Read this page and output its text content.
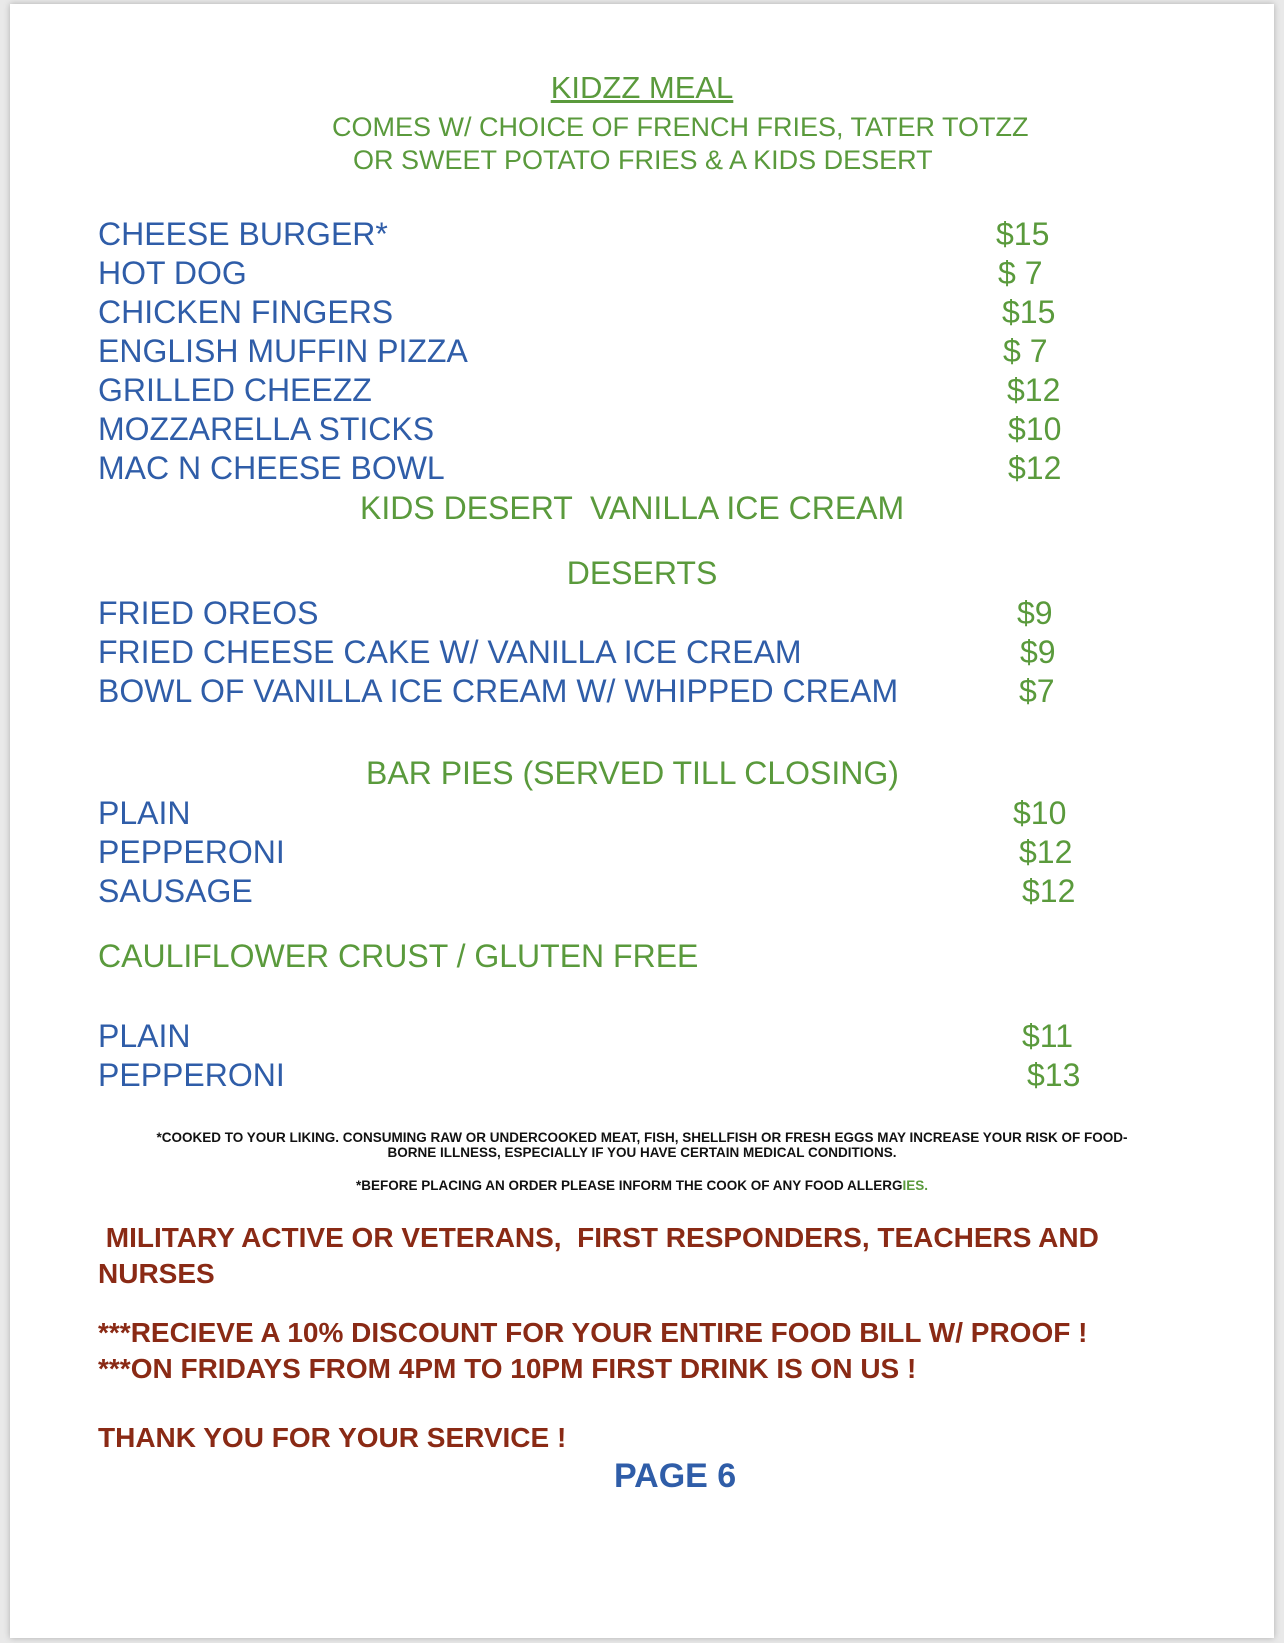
KIDZZ MEAL
COMES W/ CHOICE OF FRENCH FRIES, TATER TOTZZ
OR SWEET POTATO FRIES & A KIDS DESERT
CHEESE BURGER*	$15
HOT DOG	$ 7
CHICKEN FINGERS	$15
ENGLISH MUFFIN PIZZA	$ 7
GRILLED CHEEZZ	$12
MOZZARELLA STICKS	$10
MAC N CHEESE BOWL	$12
KIDS DESERT  VANILLA ICE CREAM
DESERTS
FRIED OREOS	$9
FRIED CHEESE CAKE W/ VANILLA ICE CREAM	$9
BOWL OF VANILLA ICE CREAM W/ WHIPPED CREAM	$7
BAR PIES (SERVED TILL CLOSING)
PLAIN	$10
PEPPERONI	$12
SAUSAGE	$12
CAULIFLOWER CRUST / GLUTEN FREE
PLAIN	$11
PEPPERONI	$13
*COOKED TO YOUR LIKING. CONSUMING RAW OR UNDERCOOKED MEAT, FISH, SHELLFISH OR FRESH EGGS MAY INCREASE YOUR RISK OF FOOD-
BORNE ILLNESS, ESPECIALLY IF YOU HAVE CERTAIN MEDICAL CONDITIONS.
*BEFORE PLACING AN ORDER PLEASE INFORM THE COOK OF ANY FOOD ALLERGIES.
MILITARY ACTIVE OR VETERANS,  FIRST RESPONDERS, TEACHERS AND
NURSES
***RECIEVE A 10% DISCOUNT FOR YOUR ENTIRE FOOD BILL W/ PROOF !
***ON FRIDAYS FROM 4PM TO 10PM FIRST DRINK IS ON US !
THANK YOU FOR YOUR SERVICE !
PAGE 6
